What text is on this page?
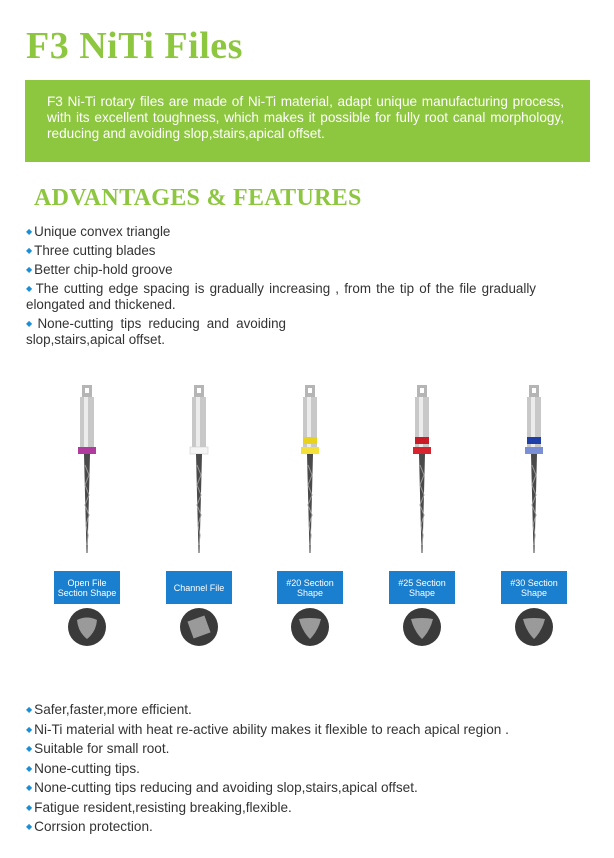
F3 NiTi Files
F3 Ni-Ti rotary files are made of Ni-Ti material, adapt unique manufacturing process, with its excellent toughness, which makes it possible for fully root canal morphology, reducing and avoiding slop,stairs,apical offset.
ADVANTAGES & FEATURES
◆ Unique convex triangle
◆ Three cutting blades
◆ Better chip-hold groove
◆ The cutting edge spacing is gradually increasing , from the tip of the file gradually elongated and thickened.
◆ None-cutting tips reducing and avoiding slop,stairs,apical offset.
Open File Section Shape	Channel File	#20 Section Shape
#25 Section Shape
#30 Section Shape
◆ Safer,faster,more efficient.
◆ Ni-Ti material with heat re-active ability makes it flexible to reach apical region .
◆ Suitable for small root.
◆ None-cutting tips.
◆ None-cutting tips reducing and avoiding slop,stairs,apical offset.
◆ Fatigue resident,resisting breaking,flexible.
◆ Corrsion protection.
